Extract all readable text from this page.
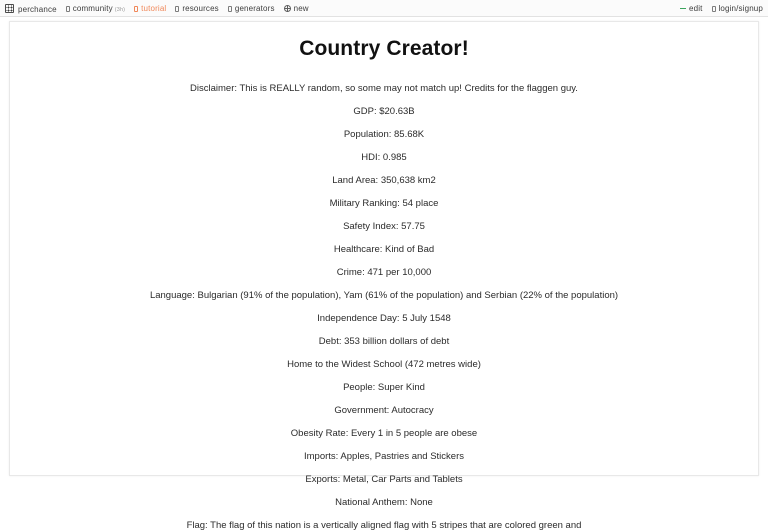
perchance community (3h) tutorial resources generators new	edit login/signup
Country Creator!

Disclaimer: This is REALLY random, so some may not match up! Credits for the flaggen guy.

GDP: $20.63B

Population: 85.68K

HDI: 0.985

Land Area: 350,638 km2

Military Ranking: 54 place

Safety Index: 57.75

Healthcare: Kind of Bad

Crime: 471 per 10,000

Language: Bulgarian (91% of the population), Yam (61% of the population) and Serbian (22% of the population)

Independence Day: 5 July 1548

Debt: 353 billion dollars of debt

Home to the Widest School (472 metres wide)

People: Super Kind

Government: Autocracy

Obesity Rate: Every 1 in 5 people are obese

Imports: Apples, Pastries and Stickers

Exports: Metal, Car Parts and Tablets

National Anthem: None

Flag: The flag of this nation is a vertically aligned flag with 5 stripes that are colored green and
